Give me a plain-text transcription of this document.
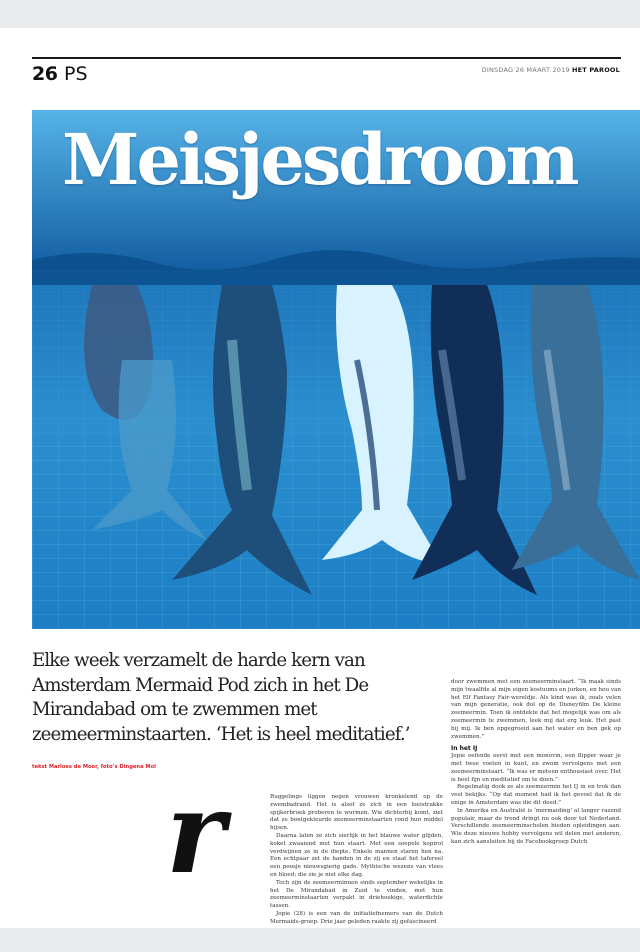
26 PS	DINSDAG 26 MAART 2019 HET PAROOL
Meisjesdroom
Elke week verzamelt de harde kern van Amsterdam Mermaid Pod zich in het De Mirandabad om te zwemmen met zeemeerminstaarten. ‘Het is heel meditatief.’
tekst Marloes de Moor, foto’s Dingena Mol
r	Ruggelings liggen negen vrouwen kronkelend op de zwembadrand. Het is alsof ze zich in een loeistrakke spijkerbroek proberen te wurmen. Wie dichterbij komt, ziet dat ze bontgekleurde zeemeerminstaarten rond hun middel hijsen.

Daarna laten ze zich sierlijk in het blauwe water glijden, koket zwaaiend met hun staart. Met een soepele kopirol verdwijnen ze in de diepte. Enkele mannen staren hen na. Een echtpaar zet de handen in de zij en staat het tafereel een poosje nieuwsgierig gade. Mythische wezens van vlees en bloed; die zie je niet elke dag.

Toch zijn de zeemeerminnen sinds september wekelijks in het De Mirandabad in Zuid te vinden, met hun zeemeerminstaarten verpakt in driehoekige, waterdichte tassen.

Jopie (28) is een van de initiatiefnemers van de Dutch Mermaids-groep. Drie jaar geleden raakte zij gefascineerd

door zwemmen met een zeemeerminstaart. “Ik maak sinds mijn twaalfde al mijn eigen kostuums en jurken, en hou van het Elf Fantasy Fair-wereldje. Als kind was ik, zoals velen van mijn generatie, ook dol op de Disneyfilm De kleine zeemeermin. Toen ik ontdekte dat het mogelijk was om als zeemeermin te zwemmen, leek mij dat erg leuk. Het past bij mij. Ik ben opgegroeid aan het water en ben gek op zwemmen.”

In het IJ

Jopie oefende eerst met een monovin, een flipper waar je met twee voeten in kunt, en zwom vervolgens met een zeemeerminstaart. “Ik was er meteen enthousiast over. Het is heel fijn en meditatief om te doen.”

Regelmatig dook ze als zeemeermin het IJ in en trok dan veel bekijks. “Op dat moment had ik het gevoel dat ik de enige in Amsterdam was die dit deed.”

In Amerika en Australië is ‘mermaiding’ al langer razend populair, maar de trend dringt nu ook door tot Nederland. Verschillende zeemeerminscholen bieden opleidingen aan. Wie deze nieuwe hobby vervolgens wil delen met anderen, kan zich aansluiten bij de Facebookgroep Dutch
